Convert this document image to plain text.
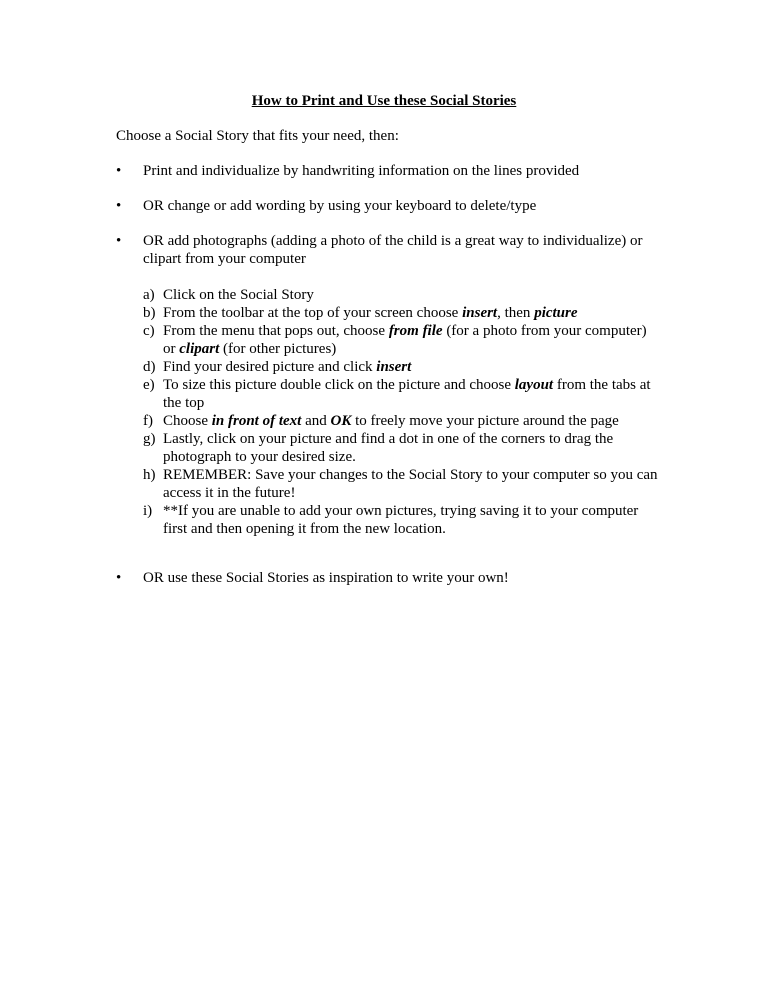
How to Print and Use these Social Stories

Choose a Social Story that fits your need, then:

•	Print and individualize by handwriting information on the lines provided
•	OR change or add wording by using your keyboard to delete/type
•	OR add photographs (adding a photo of the child is a great way to individualize) or
clipart from your computer
a) Click on the Social Story
b) From the toolbar at the top of your screen choose insert, then picture
c) From the menu that pops out, choose from file (for a photo from your computer)
or clipart (for other pictures)
d) Find your desired picture and click insert
e) To size this picture double click on the picture and choose layout from the tabs at
the top
f) Choose in front of text and OK to freely move your picture around the page
g) Lastly, click on your picture and find a dot in one of the corners to drag the
photograph to your desired size.
h) REMEMBER: Save your changes to the Social Story to your computer so you can
access it in the future!
i) **If you are unable to add your own pictures, trying saving it to your computer
first and then opening it from the new location.
•	OR use these Social Stories as inspiration to write your own!
